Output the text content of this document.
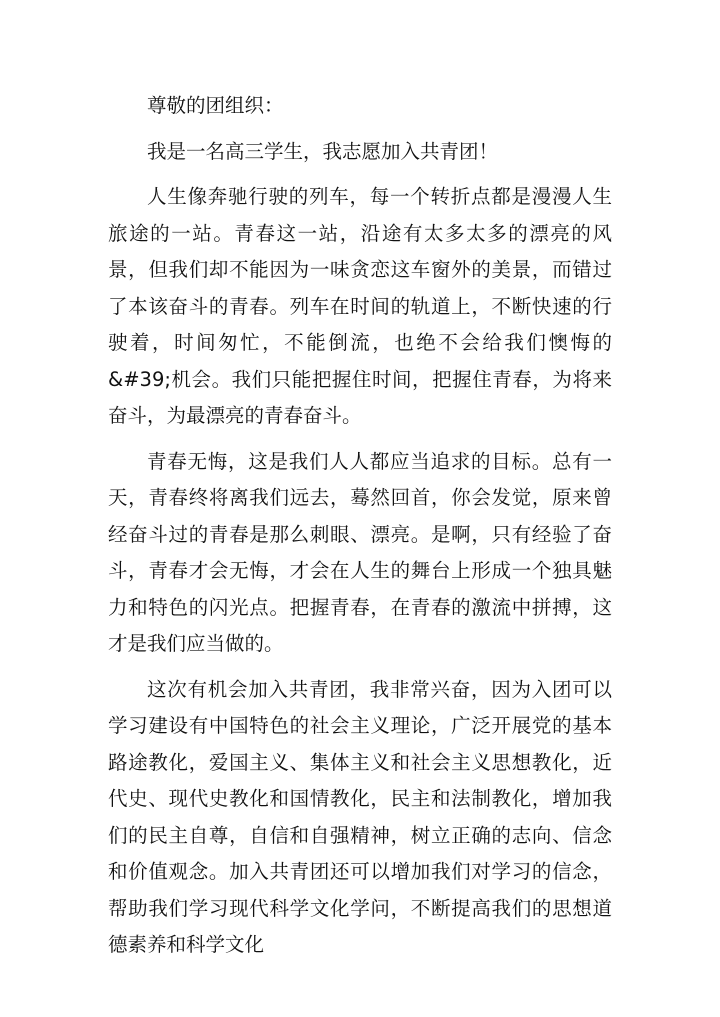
尊敬的团组织：

我是一名高三学生，我志愿加入共青团！

人生像奔驰行驶的列车，每一个转折点都是漫漫人生旅途的一站。青春这一站，沿途有太多太多的漂亮的风景，但我们却不能因为一味贪恋这车窗外的美景，而错过了本该奋斗的青春。列车在时间的轨道上，不断快速的行驶着，时间匆忙，不能倒流，也绝不会给我们懊悔的&#39;机会。我们只能把握住时间，把握住青春，为将来奋斗，为最漂亮的青春奋斗。

青春无悔，这是我们人人都应当追求的目标。总有一天，青春终将离我们远去，蓦然回首，你会发觉，原来曾经奋斗过的青春是那么刺眼、漂亮。是啊，只有经验了奋斗，青春才会无悔，才会在人生的舞台上形成一个独具魅力和特色的闪光点。把握青春，在青春的激流中拼搏，这才是我们应当做的。

这次有机会加入共青团，我非常兴奋，因为入团可以学习建设有中国特色的社会主义理论，广泛开展党的基本路途教化，爱国主义、集体主义和社会主义思想教化，近代史、现代史教化和国情教化，民主和法制教化，增加我们的民主自尊，自信和自强精神，树立正确的志向、信念和价值观念。加入共青团还可以增加我们对学习的信念，帮助我们学习现代科学文化学问，不断提高我们的思想道德素养和科学文化
